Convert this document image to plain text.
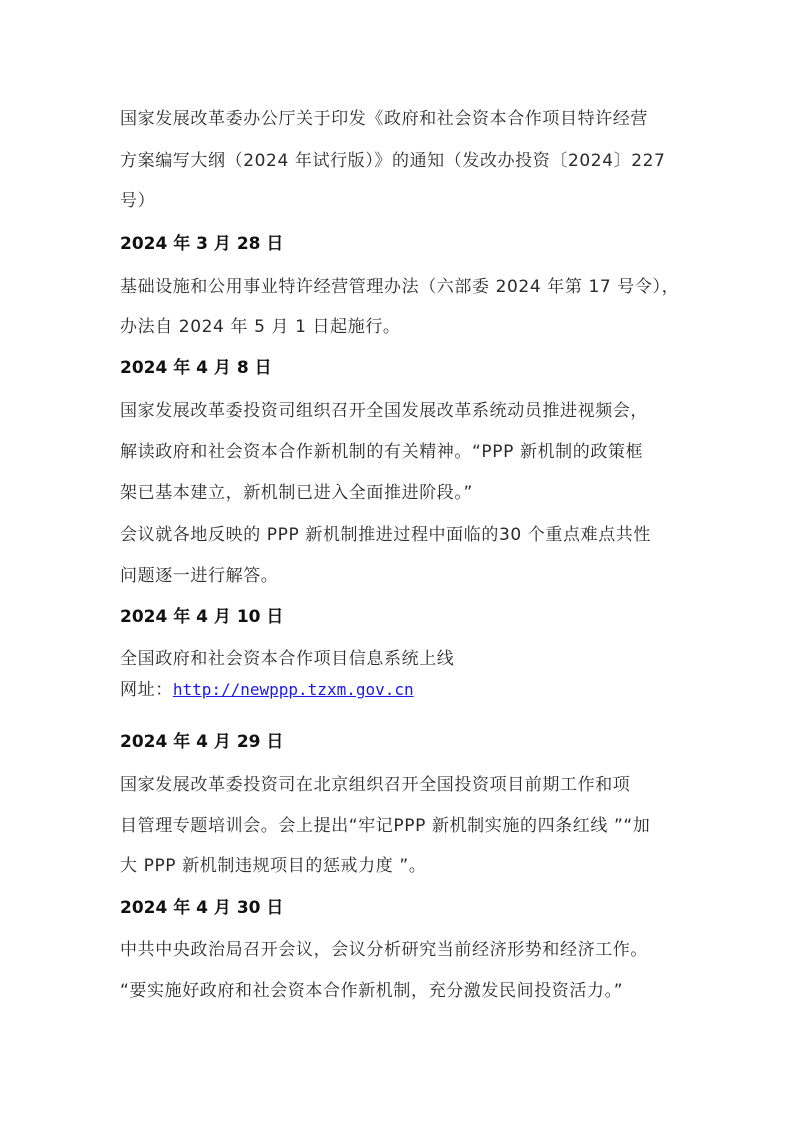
国家发展改革委办公厅关于印发《政府和社会资本合作项目特许经营
方案编写大纲（2024 年试行版）》的通知（发改办投资〔2024〕227
号）
2024 年 3 月 28 日
基础设施和公用事业特许经营管理办法（六部委 2024 年第 17 号令），
办法自 2024 年 5 月 1 日起施行。
2024 年 4 月 8 日
国家发展改革委投资司组织召开全国发展改革系统动员推进视频会，
解读政府和社会资本合作新机制的有关精神。“PPP 新机制的政策框
架已基本建立，新机制已进入全面推进阶段。”
会议就各地反映的 PPP 新机制推进过程中面临的30 个重点难点共性
问题逐一进行解答。
2024 年 4 月 10 日
全国政府和社会资本合作项目信息系统上线
网址：http://newppp.tzxm.gov.cn
2024 年 4 月 29 日
国家发展改革委投资司在北京组织召开全国投资项目前期工作和项
目管理专题培训会。会上提出“牢记PPP 新机制实施的四条红线 ”“加
大 PPP 新机制违规项目的惩戒力度 ”。
2024 年 4 月 30 日
中共中央政治局召开会议，会议分析研究当前经济形势和经济工作。
“要实施好政府和社会资本合作新机制，充分激发民间投资活力。”
